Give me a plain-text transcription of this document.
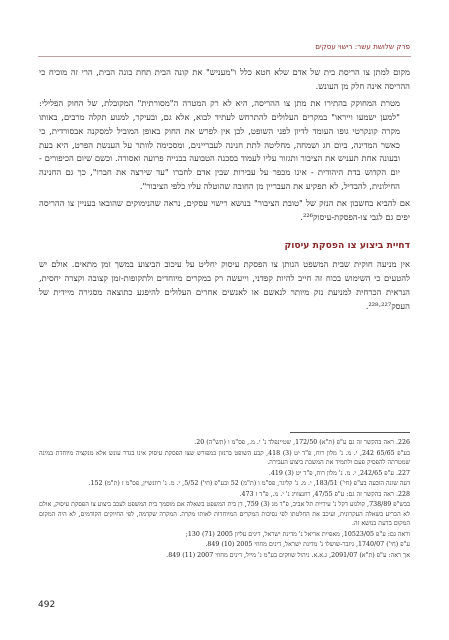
פרק שלושת עשר: רישוי עסקים

מקום למתן צו הריסת בית של אדם שלא חטא כלל ו"מעניש" את קונה הבית תחת בונה הבית, הרי זה מוכיח כי ההריסה אינה חלק מן העונש.

מטרת המחוקק בהתירו את מתן צו ההריסה, היא לא רק המטרה ה"מסורתית" המקובלת, של החוק הפלילי: "למען ישמעו וייראו" במקרים העלולים להתרחש לעתיד לבוא, אלא גם, ובעיקר, למנוע תקלה מרבים, באותו מקרה קונקרטי גופו העומד לדיון לפני השופט, לכן אין לפרש את החוק באופן המוביל למסקנה אבסורדית, כי כאשר המדינה, ביום חג ושמחה, מחליטה לתת חנינה לעבריינים, ומסכימה לוותר על הענשת הפרט, היא בעת ובעונה אחת תעניש את הציבור ותגזור עליו לעמוד בסכנה הטבועה בבנייה פרועה ואסורה. וכשם שיום הכיפורים - יום הקדוש בדת היהודית - אינו מכפר על עבירות שבין אדם לחברו "עד שירצה את חברו", כך גם החנינה החילונית, להבדיל, לא תפקיע את העבריין מן החובה שהוטלה עליו כלפי הציבור".

אם להביא בחשבון את הנזק של "טובת הציבור" בנושא רישוי עסקים, נראה שהנימוקים שהובאו בעניין צו ההריסה יפים גם לגבי צו-הפסקת-עיסוק²²⁶.

דחיית ביצוע צו הפסקת עיסוק

אין מניעה חוקית שבית המשפט הנותן צו הפסקת עיסוק יחליט על עיכוב הביצוע במשך זמן מתאים. אולם יש להטעים כי השימוש בכוח זה חייב להיות קפדני, וייעשה רק במקרים מיוחדים ולתקופות-זמן קצובה וקצרה יחסית, הנראית הכרחית למניעת נזק מיותר לנאשם או לאנשים אחרים העלולים להיפגע כתוצאה מסגירה מיידית של העסק²²⁷·²²⁸.

226. ראה בהקשר זה גם ע"פ (ת"א) 172/50, שטיינפלד נ' י. מ., פס"מ ו (תש"ה) 20.

בע"פ 65/65 242, י. מ. נ' מלון רוח, פ"ד יט (3) 418, קבע השופט ברנזון במפורש שצו הפסקת עיסוק אינו בגדר עונש אלא מנקציה מיוחדת במינה שמטרתה להפסיק פעם ולתמיד את המשכת ביצוע העבירה.

227. ע"פ 242/65, י. מ. נ' מלון רוח, פ"ד יט (3) 419.

דעה שונה הובעה בע"פ (חי') 183/51, י. מ. נ' קליגר, פס"מ ו (ת"מ) 52 ובע"פ (חי') 5/52, י. מ. נ' רוזנשיין, פס"מ ז (ת"מ) 152.

228. ראה בהקשר זה גם: ע"פ 47/55, רוזנצוויג נ' י. מ., פ"ד ז 473.

בבש"פ 738/89, קולנוע דקל נ' עיריית תל אביב, פ"ד מג (3) 759, דן בית המשפט בשאלה אם מוסמך בית המשפט לעכב ביצוע צו הפסקת עיסוק, אולם לא הכריע בשאלה העקרונית, ועיכב את החלטתו לפי נסיבות המקרים המיוחדות לאותו מקרה. המקרה שקדמה, לפי החיוקים הקודמים, לא היה המקום המקום בדעת בנושא זה.

וראה גם: ע"פ 10523/05, מאפיית אריאל נ' מדינת ישראל, דינים עליון 2005 (71) 130;

ע"פ (חי') 1740/07, גיזבר-שושלו נ' מדינת ישראל, דינים מחוזי 2005 (10) 849.

אך ראה: ע"פ (ת"א) 2091/07, ג.א.א. ניהול שווקים בע"מ נ' מייל, דינים מחוזי 2007 (11) 849.

492
